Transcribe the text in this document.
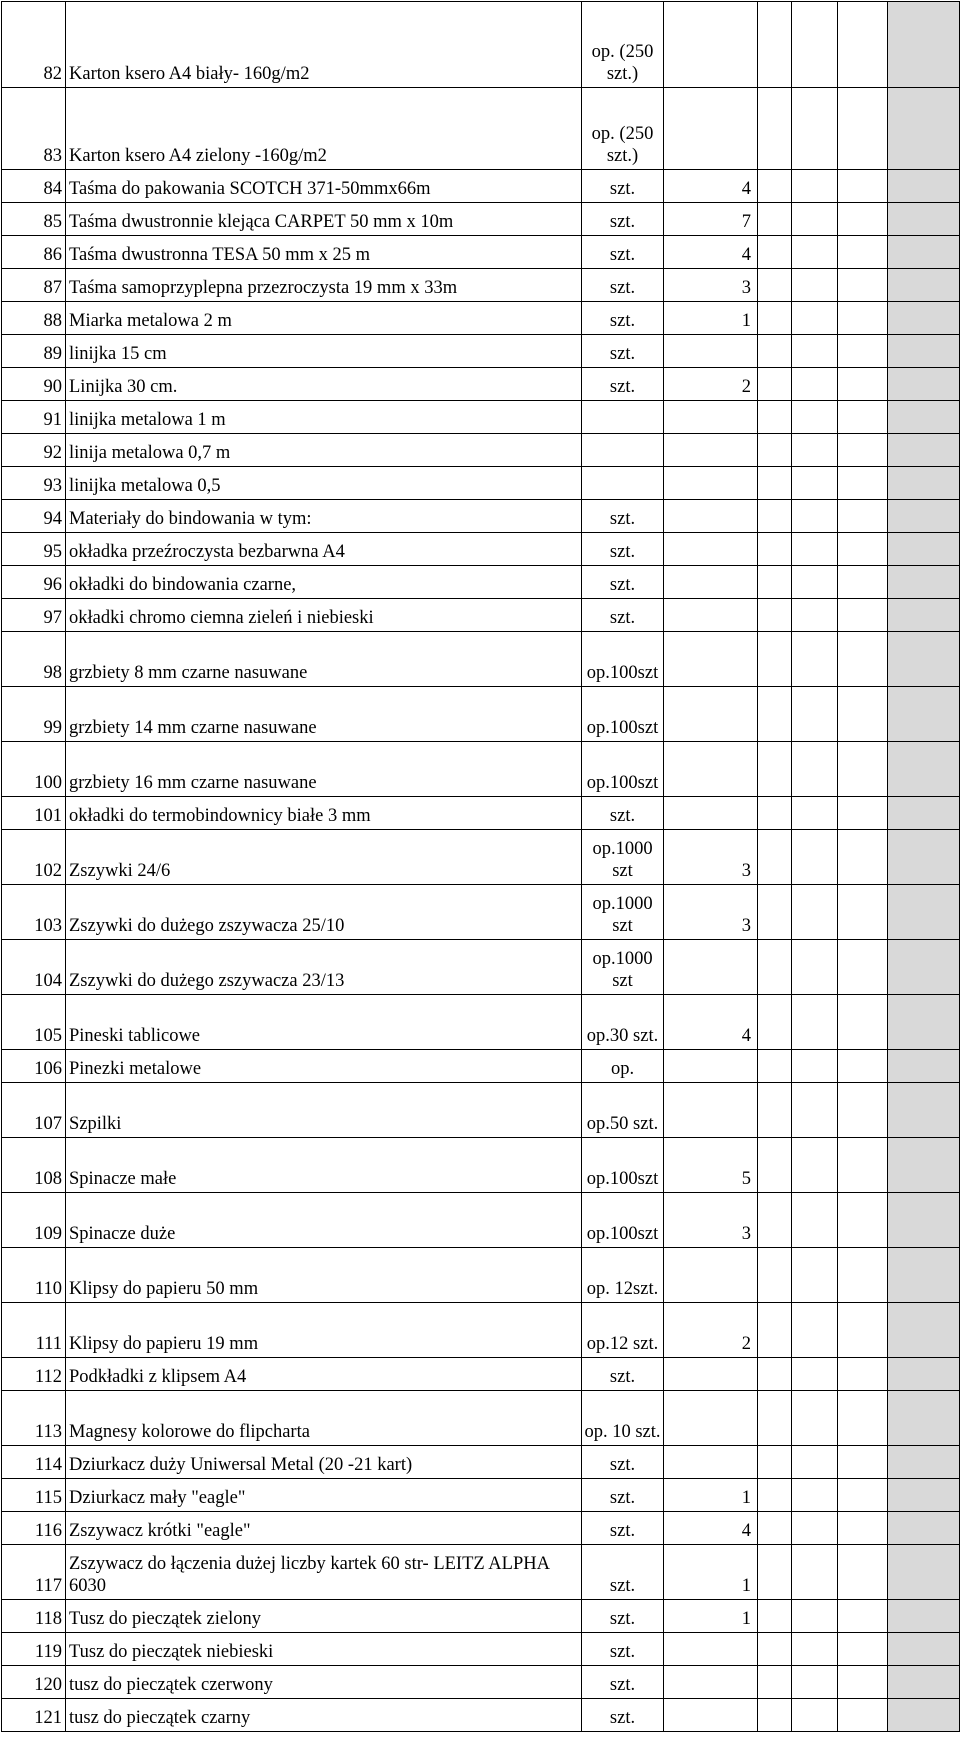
82	Karton ksero A4 biały- 160g/m2	op. (250 szt.)					
83	Karton ksero A4 zielony -160g/m2	op. (250 szt.)					
84	Taśma do pakowania SCOTCH 371-50mmx66m	szt.	4				
85	Taśma dwustronnie klejąca CARPET 50 mm x 10m	szt.	7				
86	Taśma dwustronna TESA 50 mm x 25 m	szt.	4				
87	Taśma samoprzyplepna przezroczysta 19 mm x 33m	szt.	3				
88	Miarka metalowa 2 m	szt.	1				
89	linijka 15 cm	szt.					
90	Linijka 30 cm.	szt.	2				
91	linijka metalowa 1 m						
92	linija metalowa 0,7 m						
93	linijka metalowa 0,5						
94	Materiały do bindowania w tym:	szt.					
95	okładka przeźroczysta bezbarwna A4	szt.					
96	okładki do bindowania czarne,	szt.					
97	okładki chromo ciemna zieleń i niebieski	szt.					
98	grzbiety 8 mm czarne nasuwane	op.100szt					
99	grzbiety 14 mm czarne nasuwane	op.100szt					
100	grzbiety 16 mm czarne nasuwane	op.100szt					
101	okładki do termobindownicy białe 3 mm	szt.					
102	Zszywki 24/6	op.1000 szt	3				
103	Zszywki do dużego zszywacza 25/10	op.1000 szt	3				
104	Zszywki do dużego zszywacza 23/13	op.1000 szt					
105	Pineski tablicowe	op.30 szt.	4				
106	Pinezki metalowe	op.					
107	Szpilki	op.50 szt.					
108	Spinacze małe	op.100szt	5				
109	Spinacze duże	op.100szt	3				
110	Klipsy do papieru 50 mm	op. 12szt.					
111	Klipsy do papieru 19 mm	op.12 szt.	2				
112	Podkładki z klipsem A4	szt.					
113	Magnesy kolorowe do flipcharta	op. 10 szt.					
114	Dziurkacz duży Uniwersal Metal (20 -21 kart)	szt.					
115	Dziurkacz mały "eagle"	szt.	1				
116	Zszywacz krótki "eagle"	szt.	4				
117	Zszywacz do łączenia dużej liczby kartek 60 str- LEITZ ALPHA 6030	szt.	1				
118	Tusz do pieczątek zielony	szt.	1				
119	Tusz do pieczątek niebieski	szt.					
120	tusz do pieczątek czerwony	szt.					
121	tusz do pieczątek czarny	szt.					
